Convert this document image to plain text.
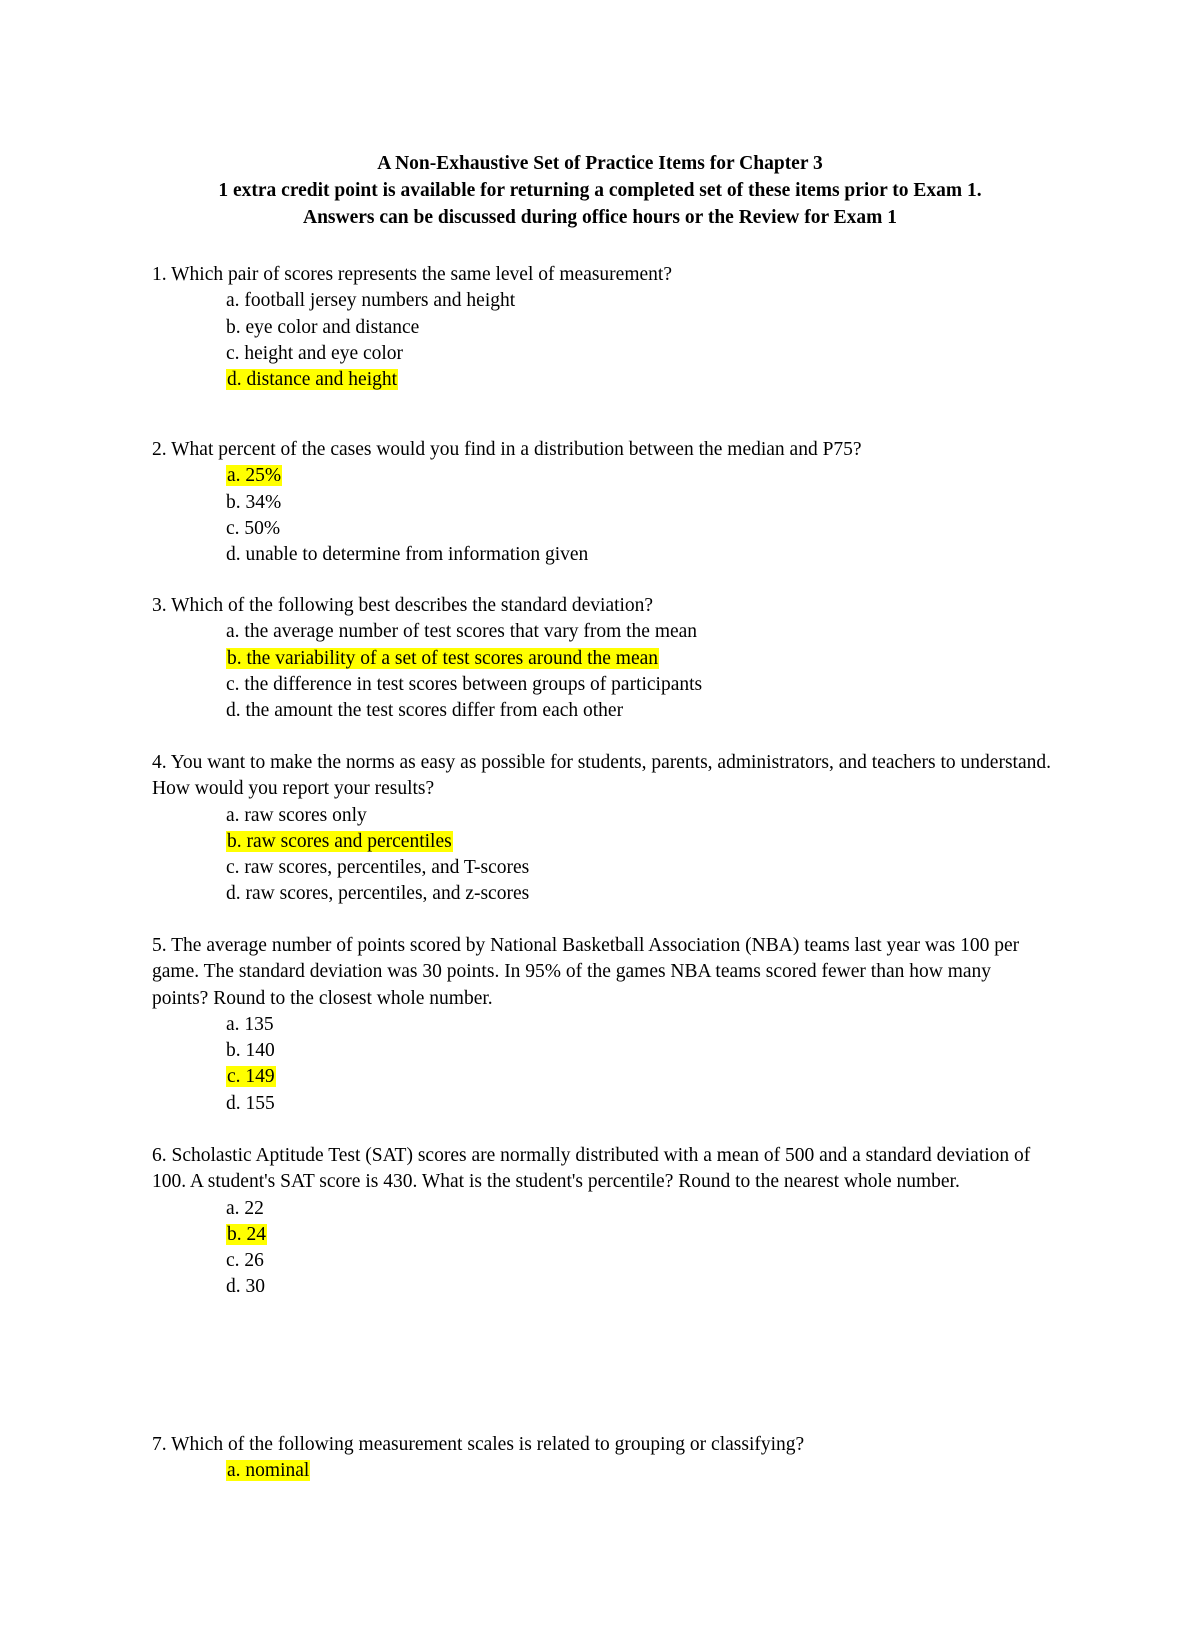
A Non-Exhaustive Set of Practice Items for Chapter 3
1 extra credit point is available for returning a completed set of these items prior to Exam 1.
Answers can be discussed during office hours or the Review for Exam 1
1. Which pair of scores represents the same level of measurement?
a. football jersey numbers and height
b. eye color and distance
c. height and eye color
d. distance and height
2. What percent of the cases would you find in a distribution between the median and P75?
a. 25%
b. 34%
c. 50%
d. unable to determine from information given
3. Which of the following best describes the standard deviation?
a. the average number of test scores that vary from the mean
b. the variability of a set of test scores around the mean
c. the difference in test scores between groups of participants
d. the amount the test scores differ from each other
4. You want to make the norms as easy as possible for students, parents, administrators, and teachers to understand. How would you report your results?
a. raw scores only
b. raw scores and percentiles
c. raw scores, percentiles, and T-scores
d. raw scores, percentiles, and z-scores
5. The average number of points scored by National Basketball Association (NBA) teams last year was 100 per game. The standard deviation was 30 points. In 95% of the games NBA teams scored fewer than how many points? Round to the closest whole number.
a. 135
b. 140
c. 149
d. 155
6. Scholastic Aptitude Test (SAT) scores are normally distributed with a mean of 500 and a standard deviation of 100. A student's SAT score is 430. What is the student's percentile? Round to the nearest whole number.
a. 22
b. 24
c. 26
d. 30
7. Which of the following measurement scales is related to grouping or classifying?
a. nominal
